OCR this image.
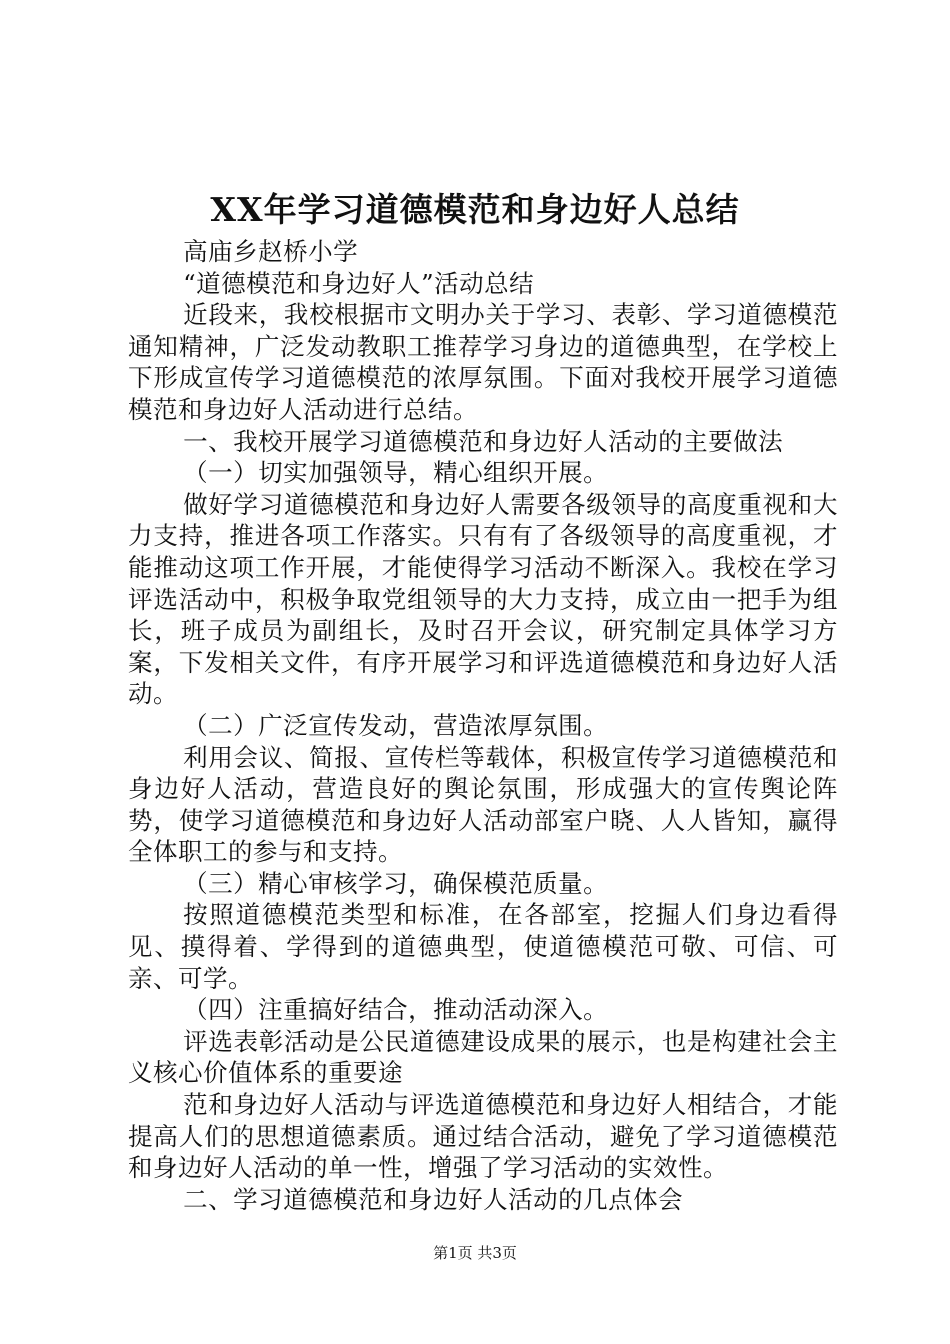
XX年学习道德模范和身边好人总结

高庙乡赵桥小学

“道德模范和身边好人”活动总结

近段来，我校根据市文明办关于学习、表彰、学习道德模范通知精神，广泛发动教职工推荐学习身边的道德典型，在学校上下形成宣传学习道德模范的浓厚氛围。下面对我校开展学习道德模范和身边好人活动进行总结。

一、我校开展学习道德模范和身边好人活动的主要做法

（一）切实加强领导，精心组织开展。

做好学习道德模范和身边好人需要各级领导的高度重视和大力支持，推进各项工作落实。只有有了各级领导的高度重视，才能推动这项工作开展，才能使得学习活动不断深入。我校在学习评选活动中，积极争取党组领导的大力支持，成立由一把手为组长，班子成员为副组长，及时召开会议，研究制定具体学习方案，下发相关文件，有序开展学习和评选道德模范和身边好人活动。

（二）广泛宣传发动，营造浓厚氛围。

利用会议、简报、宣传栏等载体，积极宣传学习道德模范和身边好人活动，营造良好的舆论氛围，形成强大的宣传舆论阵势，使学习道德模范和身边好人活动部室户晓、人人皆知，赢得全体职工的参与和支持。

（三）精心审核学习，确保模范质量。

按照道德模范类型和标准，在各部室，挖掘人们身边看得见、摸得着、学得到的道德典型，使道德模范可敬、可信、可亲、可学。

（四）注重搞好结合，推动活动深入。

评选表彰活动是公民道德建设成果的展示，也是构建社会主义核心价值体系的重要途

范和身边好人活动与评选道德模范和身边好人相结合，才能提高人们的思想道德素质。通过结合活动，避免了学习道德模范和身边好人活动的单一性，增强了学习活动的实效性。

二、学习道德模范和身边好人活动的几点体会

第1页 共3页
